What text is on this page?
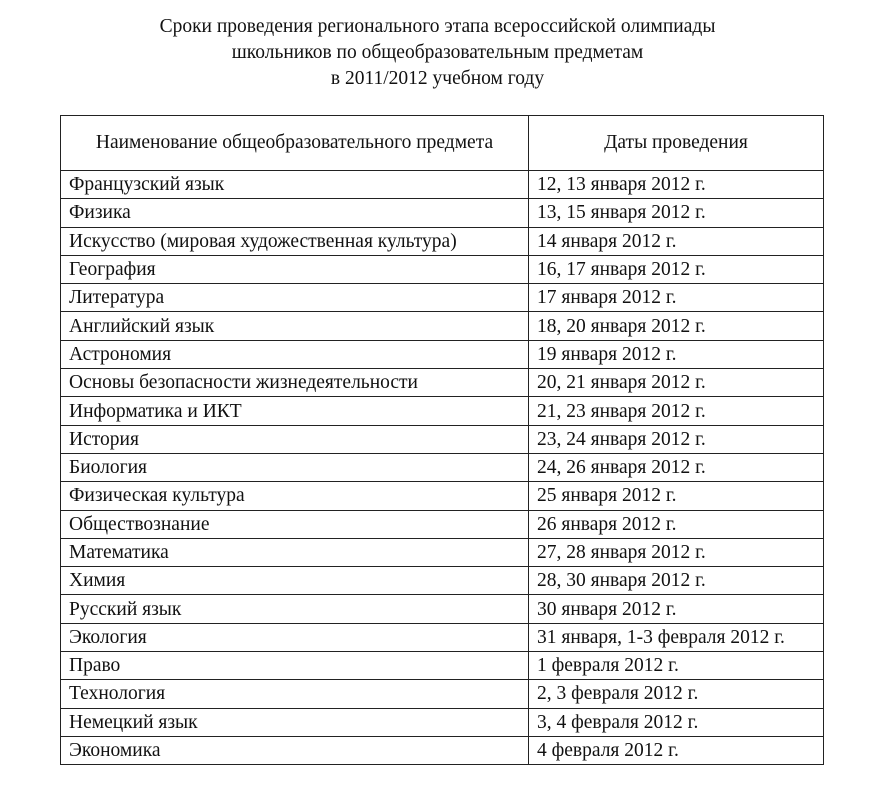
Сроки проведения регионального этапа всероссийской олимпиады
школьников по общеобразовательным предметам
в 2011/2012 учебном году
Наименование общеобразовательного предмета	Даты проведения
Французский язык	12, 13 января 2012 г.
Физика	13, 15 января 2012 г.
Искусство (мировая художественная культура)	14 января 2012 г.
География	16, 17 января 2012 г.
Литература	17 января 2012 г.
Английский язык	18, 20 января 2012 г.
Астрономия	19 января 2012 г.
Основы безопасности жизнедеятельности	20, 21 января 2012 г.
Информатика и ИКТ	21, 23 января 2012 г.
История	23, 24 января 2012 г.
Биология	24, 26 января 2012 г.
Физическая культура	25 января 2012 г.
Обществознание	26 января 2012 г.
Математика	27, 28 января 2012 г.
Химия	28, 30 января 2012 г.
Русский язык	30 января 2012 г.
Экология	31 января, 1-3 февраля 2012 г.
Право	1 февраля 2012 г.
Технология	2, 3 февраля 2012 г.
Немецкий язык	3, 4 февраля 2012 г.
Экономика	4 февраля 2012 г.
